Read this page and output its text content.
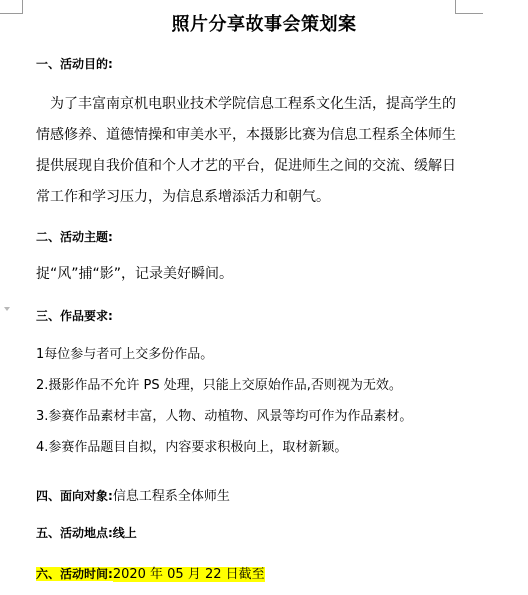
照片分享故事会策划案
一、活动目的:
为了丰富南京机电职业技术学院信息工程系文化生活，提高学生的
情感修养、道德情操和审美水平，本摄影比赛为信息工程系全体师生
提供展现自我价值和个人才艺的平台，促进师生之间的交流、缓解日
常工作和学习压力，为信息系增添活力和朝气。
二、活动主题:
捉“风”捕“影”，记录美好瞬间。
三、作品要求:
1每位参与者可上交多份作品。
2.摄影作品不允许 PS 处理，只能上交原始作品,否则视为无效。
3.参赛作品素材丰富，人物、动植物、风景等均可作为作品素材。
4.参赛作品题目自拟，内容要求积极向上，取材新颖。
四、面向对象:信息工程系全体师生
五、活动地点:线上
六、活动时间:2020 年 05 月 22 日截至
